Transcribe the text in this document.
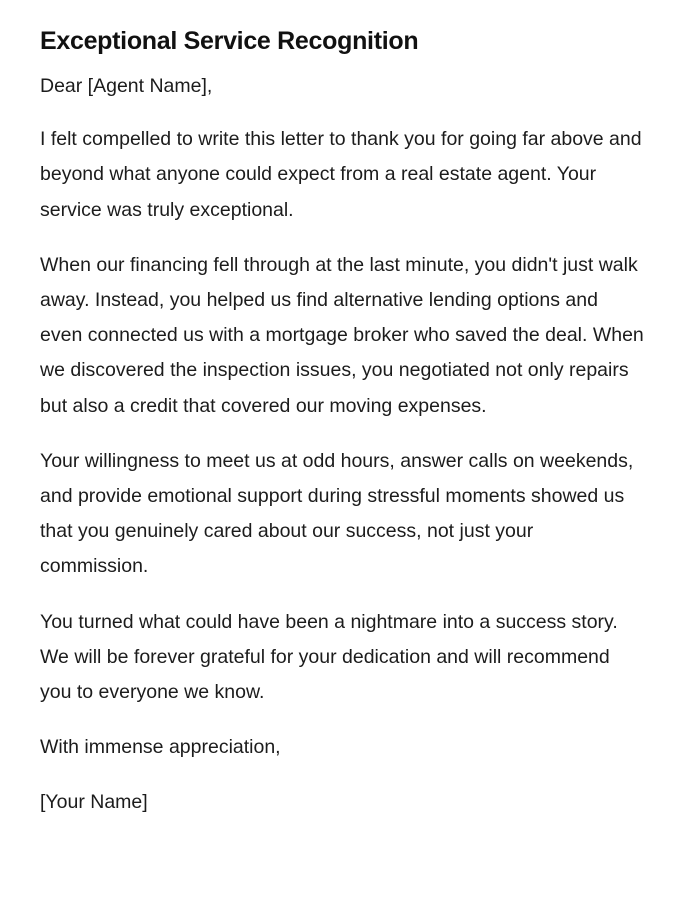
Exceptional Service Recognition

Dear [Agent Name],

I felt compelled to write this letter to thank you for going far above and beyond what anyone could expect from a real estate agent. Your service was truly exceptional.

When our financing fell through at the last minute, you didn't just walk away. Instead, you helped us find alternative lending options and even connected us with a mortgage broker who saved the deal. When we discovered the inspection issues, you negotiated not only repairs but also a credit that covered our moving expenses.

Your willingness to meet us at odd hours, answer calls on weekends, and provide emotional support during stressful moments showed us that you genuinely cared about our success, not just your commission.

You turned what could have been a nightmare into a success story. We will be forever grateful for your dedication and will recommend you to everyone we know.

With immense appreciation,

[Your Name]
